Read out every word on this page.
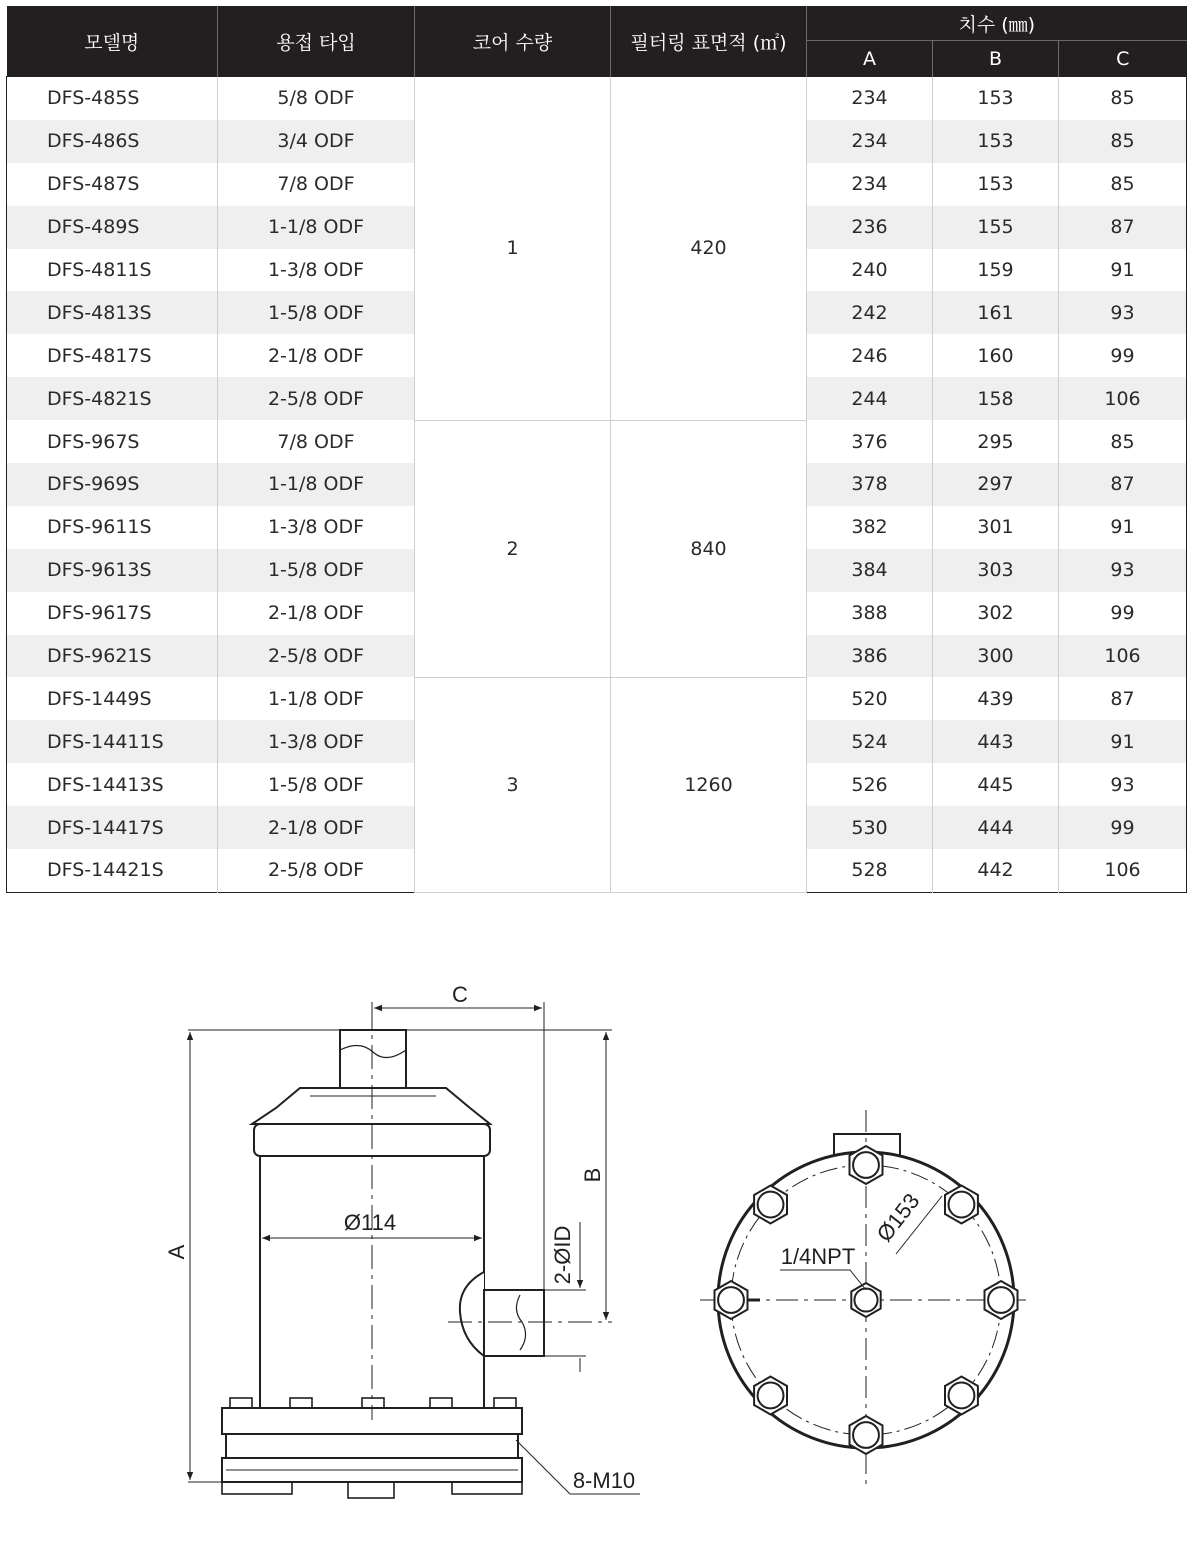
모델명	용접 타입	코어 수량	필터링 표면적 (㎡)	치수 (㎜)		
				A	B	C
DFS-485S	5/8 ODF	1	420	234	153	85
DFS-486S	3/4 ODF			234	153	85
DFS-487S	7/8 ODF			234	153	85
DFS-489S	1-1/8 ODF			236	155	87
DFS-4811S	1-3/8 ODF			240	159	91
DFS-4813S	1-5/8 ODF			242	161	93
DFS-4817S	2-1/8 ODF			246	160	99
DFS-4821S	2-5/8 ODF			244	158	106
DFS-967S	7/8 ODF	2	840	376	295	85
DFS-969S	1-1/8 ODF			378	297	87
DFS-9611S	1-3/8 ODF			382	301	91
DFS-9613S	1-5/8 ODF			384	303	93
DFS-9617S	2-1/8 ODF			388	302	99
DFS-9621S	2-5/8 ODF			386	300	106
DFS-1449S	1-1/8 ODF	3	1260	520	439	87
DFS-14411S	1-3/8 ODF			524	443	91
DFS-14413S	1-5/8 ODF			526	445	93
DFS-14417S	2-1/8 ODF			530	444	99
DFS-14421S	2-5/8 ODF			528	442	106
C
A
B
Ø114
2-ØID
8-M10
Ø153
1/4NPT
